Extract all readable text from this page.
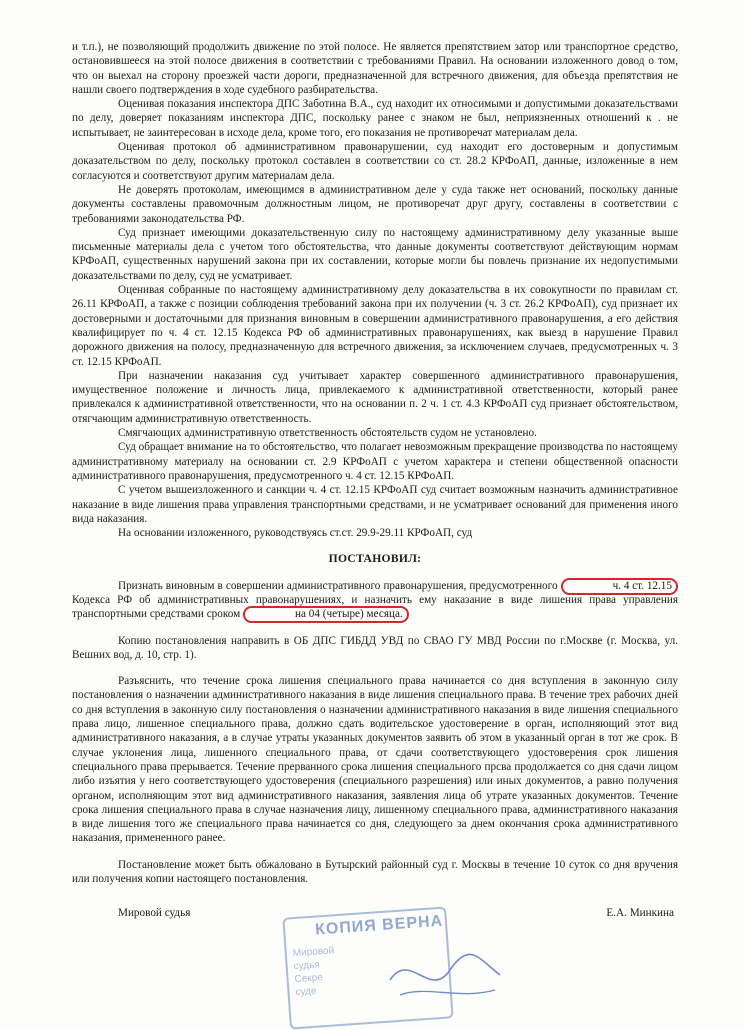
и т.п.), не позволяющий продолжить движение по этой полосе. Не является препятствием затор или транспортное средство, остановившееся на этой полосе движения в соответствии с требованиями Правил. На основании изложенного довод о том, что он выехал на сторону проезжей части дороги, предназначенной для встречного движения, для объезда препятствия не нашли своего подтверждения в ходе судебного разбирательства.

Оценивая показания инспектора ДПС Заботина В.А., суд находит их относимыми и допустимыми доказательствами по делу, доверяет показаниям инспектора ДПС, поскольку ранее с знаком не был, неприязненных отношений к . не испытывает, не заинтересован в исходе дела, кроме того, его показания не противоречат материалам дела.

Оценивая протокол об административном правонарушении, суд находит его достоверным и допустимым доказательством по делу, поскольку протокол составлен в соответствии со ст. 28.2 КРФоАП, данные, изложенные в нем согласуются и соответствуют другим материалам дела.

Не доверять протоколам, имеющимся в административном деле у суда также нет оснований, поскольку данные документы составлены правомочным должностным лицом, не противоречат друг другу, составлены в соответствии с требованиями законодательства РФ.

Суд признает имеющими доказательственную силу по настоящему административному делу указанные выше письменные материалы дела с учетом того обстоятельства, что данные документы соответствуют действующим нормам КРФоАП, существенных нарушений закона при их составлении, которые могли бы повлечь признание их недопустимыми доказательствами по делу, суд не усматривает.

Оценивая собранные по настоящему административному делу доказательства в их совокупности по правилам ст. 26.11 КРФоАП, а также с позиции соблюдения требований закона при их получении (ч. 3 ст. 26.2 КРФоАП), суд признает их достоверными и достаточными для признания виновным в совершении административного правонарушения, а его действия квалифицирует по ч. 4 ст. 12.15 Кодекса РФ об административных правонарушениях, как выезд в нарушение Правил дорожного движения на полосу, предназначенную для встречного движения, за исключением случаев, предусмотренных ч. 3 ст. 12.15 КРФоАП.

При назначении наказания суд учитывает характер совершенного административного правонарушения, имущественное положение и личность лица, привлекаемого к административной ответственности, который ранее привлекался к административной ответственности, что на основании п. 2 ч. 1 ст. 4.3 КРФоАП суд признает обстоятельством, отягчающим административную ответственность.

Смягчающих административную ответственность обстоятельств судом не установлено.

Суд обращает внимание на то обстоятельство, что полагает невозможным прекращение производства по настоящему административному материалу на основании ст. 2.9 КРФоАП с учетом характера и степени общественной опасности административного правонарушения, предусмотренного ч. 4 ст. 12.15 КРФоАП.

С учетом вышеизложенного и санкции ч. 4 ст. 12.15 КРФоАП суд считает возможным назначить административное наказание в виде лишения права управления транспортными средствами, и не усматривает оснований для применения иного вида наказания.

На основании изложенного, руководствуясь ст.ст. 29.9-29.11 КРФоАП, суд

ПОСТАНОВИЛ:

Признать виновным в совершении административного правонарушения, предусмотренного	ч. 4 ст. 12.15 Кодекса РФ об административных правонарушениях, и назначить ему наказание в виде лишения права управления транспортными средствами сроком	на 04 (четыре) месяца.

Копию постановления направить в ОБ ДПС ГИБДД УВД по СВАО ГУ МВД России по г.Москве (г. Москва, ул. Вешних вод, д. 10, стр. 1).

Разъяснить, что течение срока лишения специального права начинается со дня вступления в законную силу постановления о назначении административного наказания в виде лишения специального права. В течение трех рабочих дней со дня вступления в законную силу постановления о назначении административного наказания в виде лишения специального права лицо, лишенное специального права, должно сдать водительское удостоверение в орган, исполняющий этот вид административного наказания, а в случае утраты указанных документов заявить об этом в указанный орган в тот же срок. В случае уклонения лица, лишенного специального права, от сдачи соответствующего удостоверения срок лишения специального права прерывается. Течение прерванного срока лишения специального прсва продолжается со дня сдачи лицом либо изъятия у него соответствующего удостоверения (специального разрешения) или иных документов, а равно получения органом, исполняющим этот вид административного наказания, заявления лица об утрате указанных документов. Течение срока лишения специального права в случае назначения лицу, лишенному специального права, административного наказания в виде лишения того же специального права начинается со дня, следующего за днем окончания срока административного наказания, примененного ранее.

Постановление может быть обжаловано в Бутырский районный суд г. Москвы в течение 10 суток со дня вручения или получения копии настоящего постановления.

Мировой судья	Е.А. Минкина
КОПИЯ ВЕРНА
Мировой
судья
Секре
суде
